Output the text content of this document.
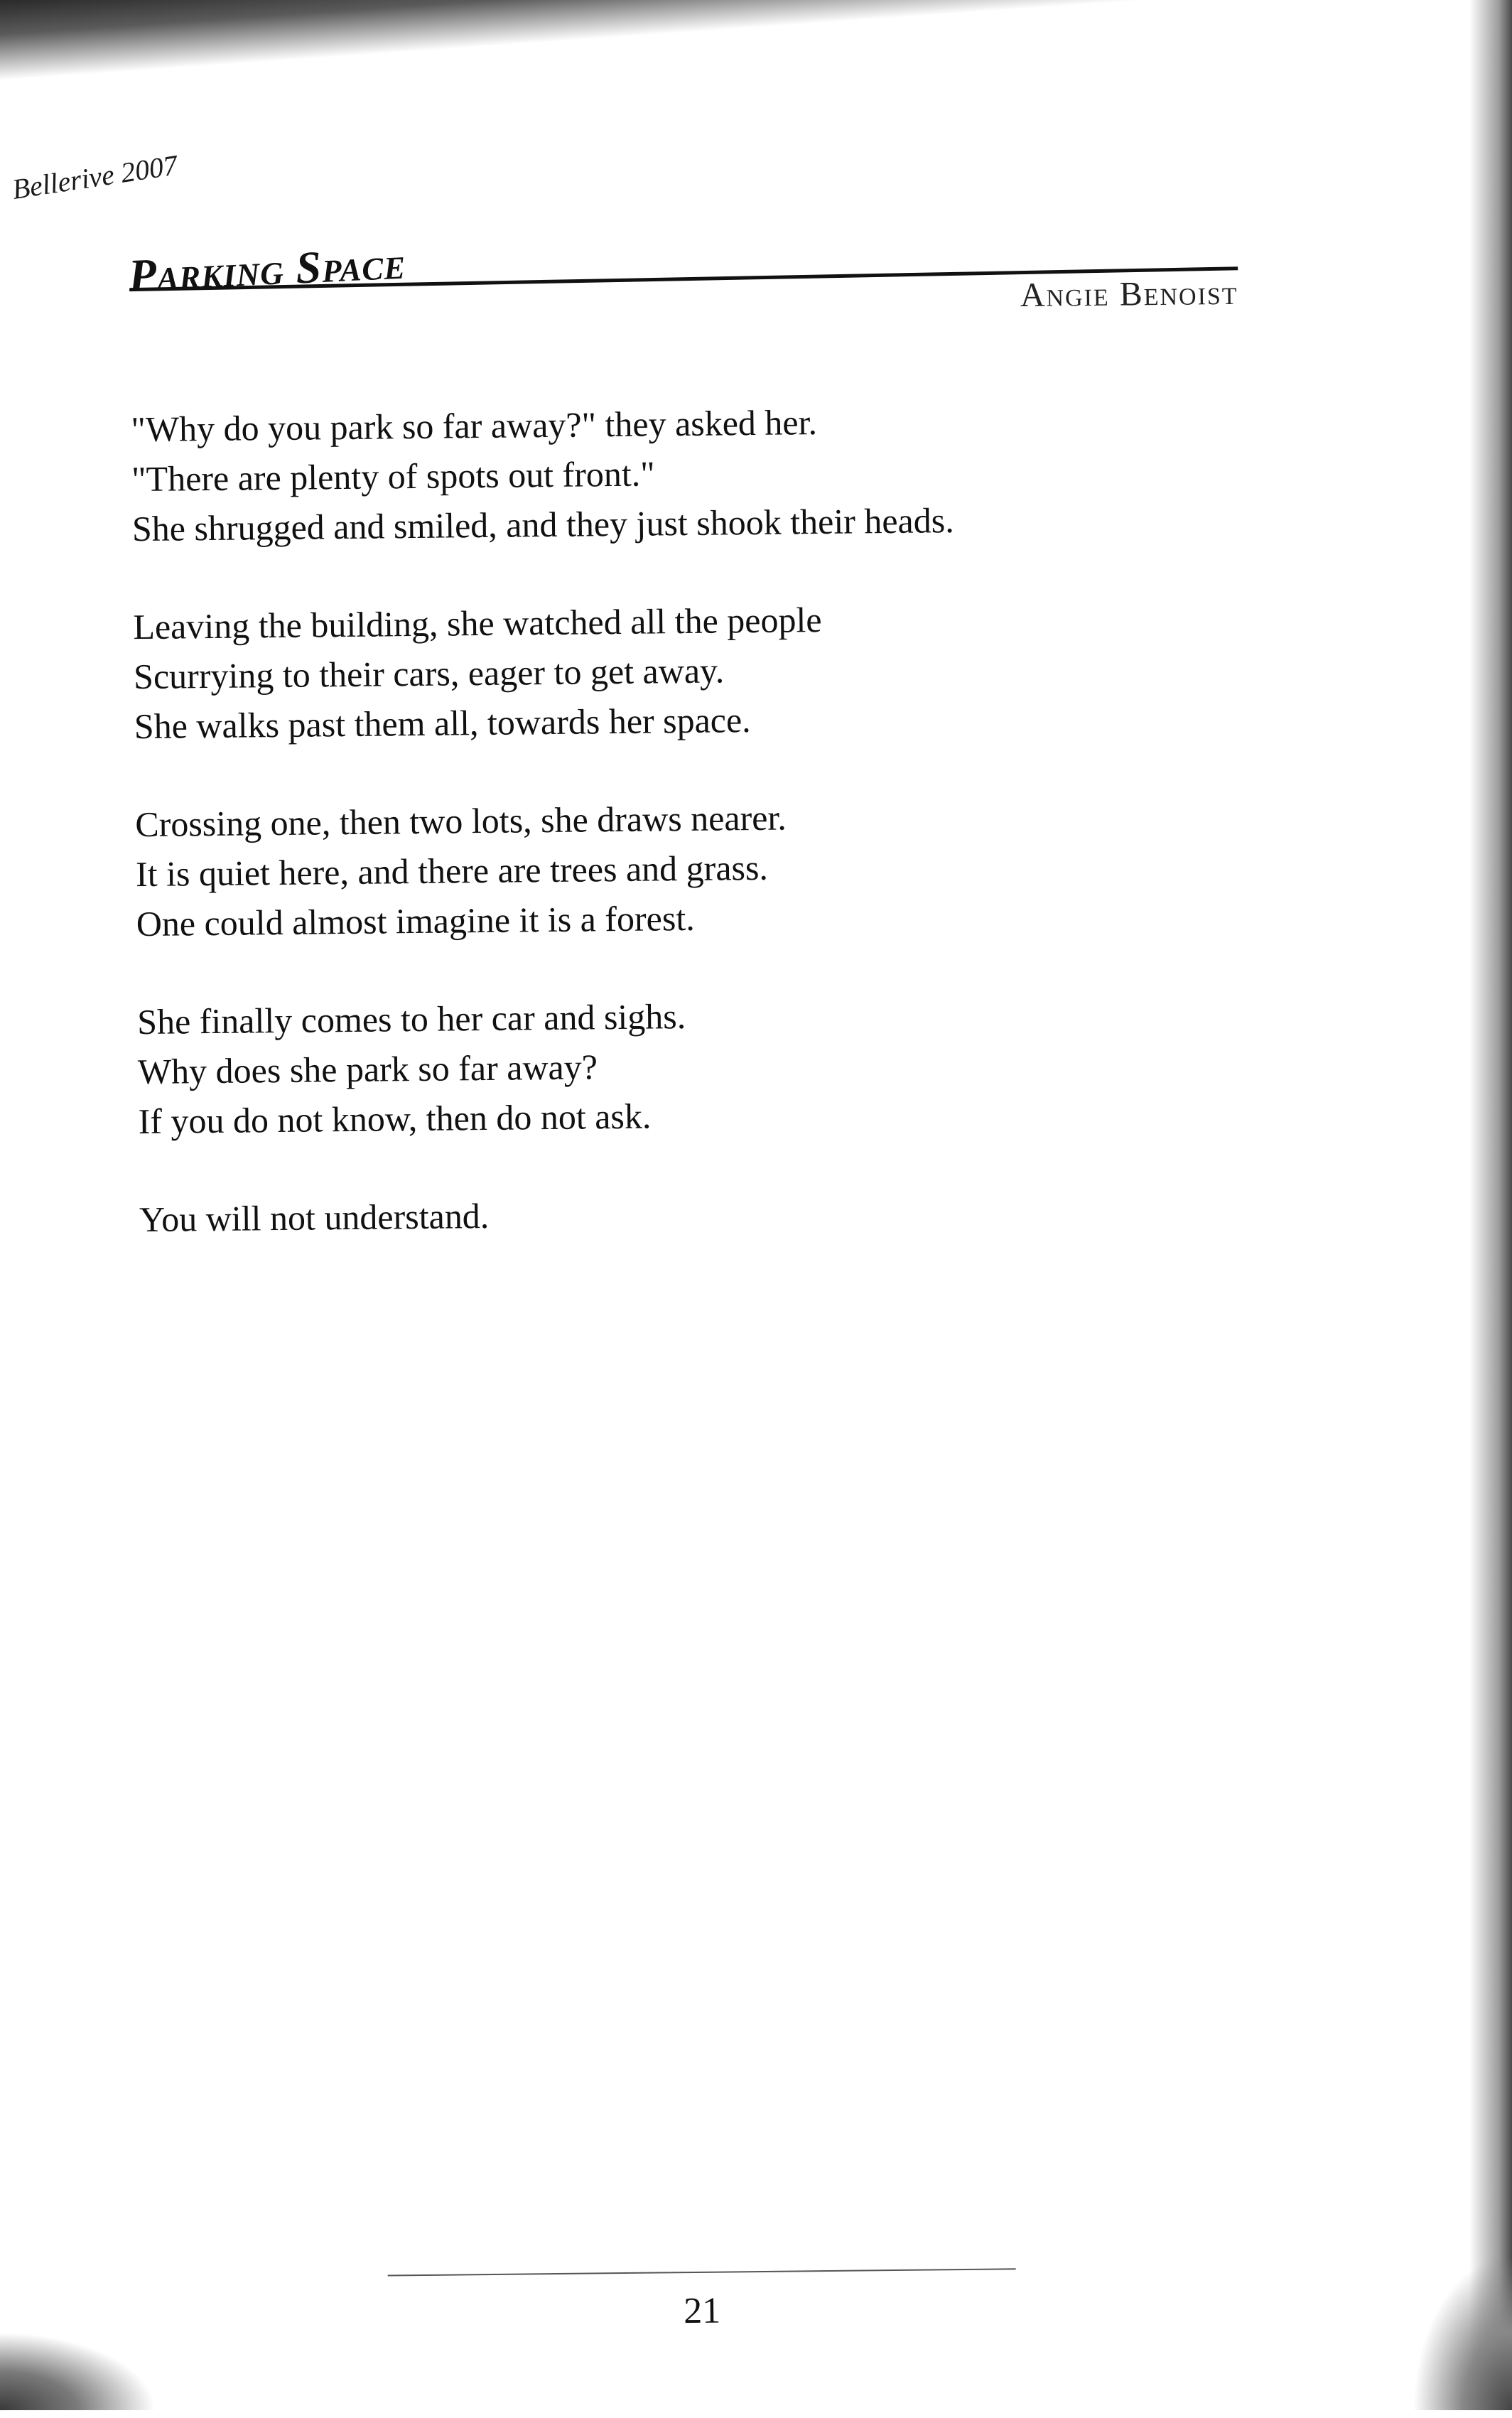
Bellerive 2007
Parking Space	Angie Benoist
"Why do you park so far away?" they asked her.
"There are plenty of spots out front."
She shrugged and smiled, and they just shook their heads.
Leaving the building, she watched all the people
Scurrying to their cars, eager to get away.
She walks past them all, towards her space.
Crossing one, then two lots, she draws nearer.
It is quiet here, and there are trees and grass.
One could almost imagine it is a forest.
She finally comes to her car and sighs.
Why does she park so far away?
If you do not know, then do not ask.
You will not understand.
21
